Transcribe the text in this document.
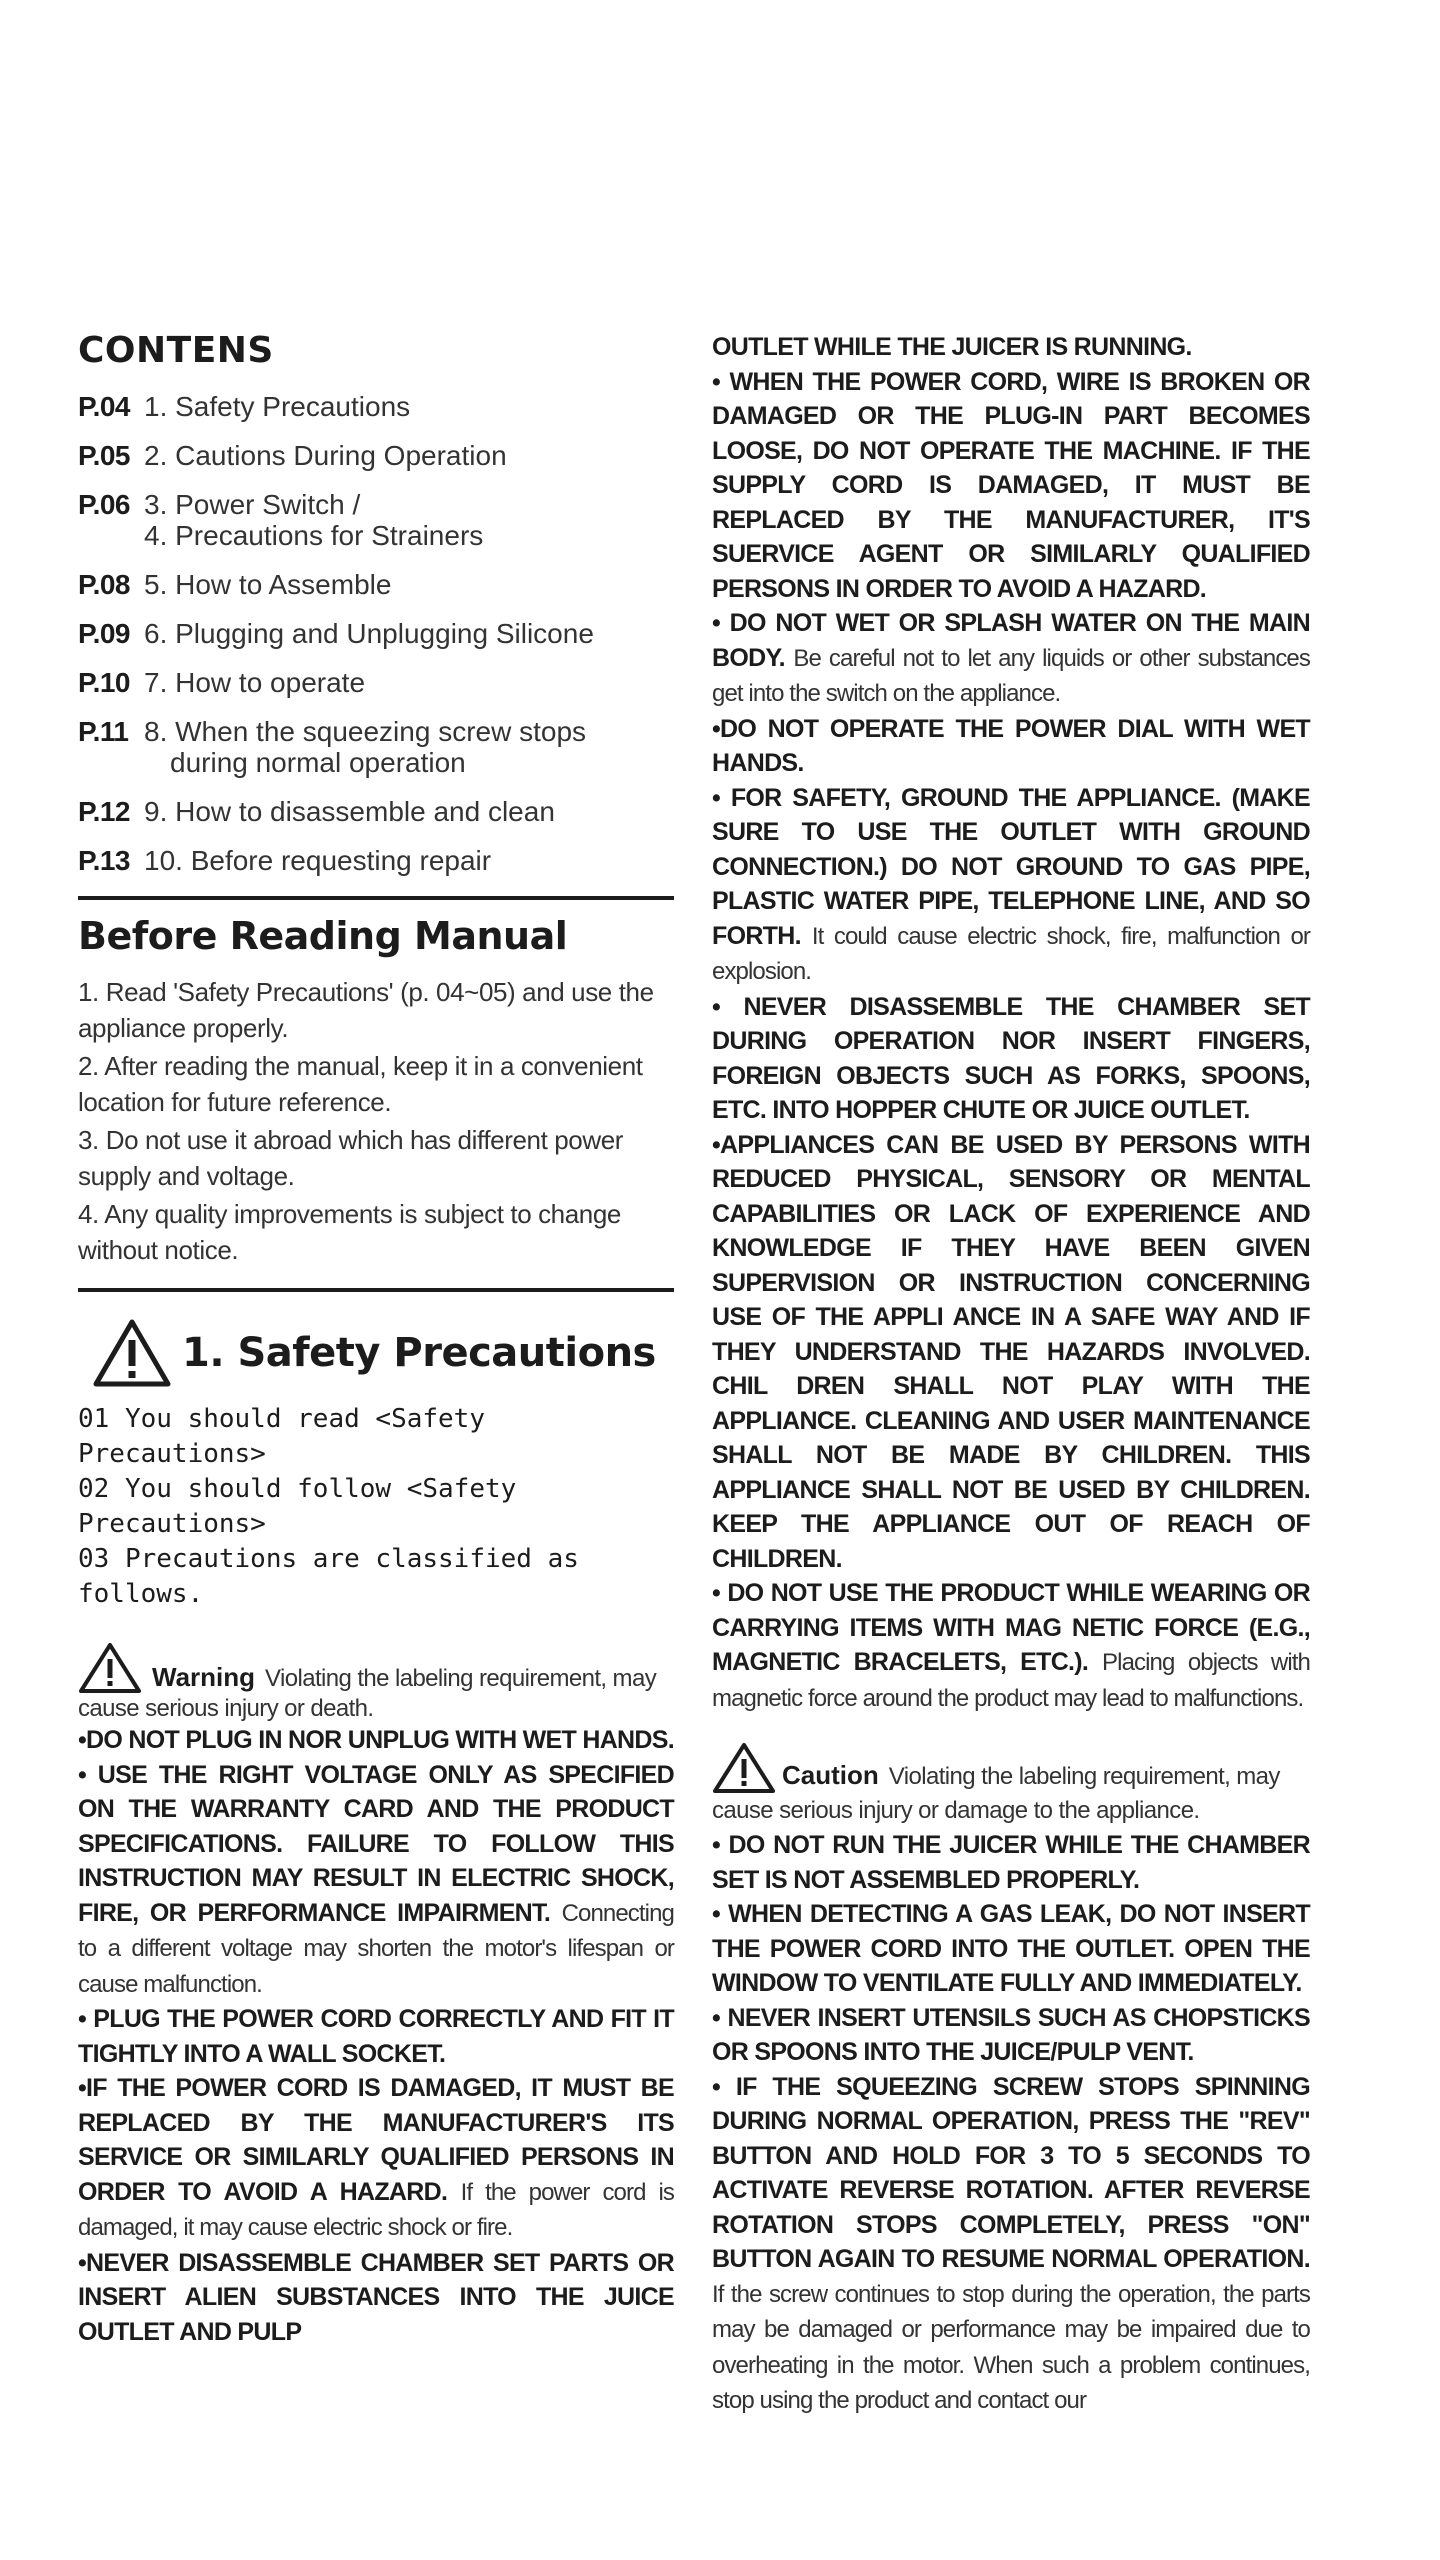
CONTENS
P.04 1. Safety Precautions
P.05 2. Cautions During Operation
P.06 3. Power Switch /
4. Precautions for Strainers
P.08 5. How to Assemble
P.09 6. Plugging and Unplugging Silicone
P.10 7. How to operate
P.11 8. When the squeezing screw stops
during normal operation
P.12 9. How to disassemble and clean
P.13 10. Before requesting repair
Before Reading Manual

1. Read 'Safety Precautions' (p. 04~05) and use the appliance properly.

2. After reading the manual, keep it in a convenient location for future reference.

3. Do not use it abroad which has different power supply and voltage.

4. Any quality improvements is subject to change without notice.

1. Safety Precautions

01 You should read <Safety Precautions>

02 You should follow <Safety Precautions>

03 Precautions are classified as follows.

Warning Violating the labeling requirement, may cause serious injury or death.

•DO NOT PLUG IN NOR UNPLUG WITH WET HANDS.

• USE THE RIGHT VOLTAGE ONLY AS SPECIFIED ON THE WARRANTY CARD AND THE PRODUCT SPECIFICATIONS. FAILURE TO FOLLOW THIS INSTRUCTION MAY RESULT IN ELECTRIC SHOCK, FIRE, OR PERFORMANCE IMPAIRMENT. Connecting to a different voltage may shorten the motor's lifespan or cause malfunction.

• PLUG THE POWER CORD CORRECTLY AND FIT IT TIGHTLY INTO A WALL SOCKET.

•IF THE POWER CORD IS DAMAGED, IT MUST BE REPLACED BY THE MANUFACTURER'S ITS SERVICE OR SIMILARLY QUALIFIED PERSONS IN ORDER TO AVOID A HAZARD. If the power cord is damaged, it may cause electric shock or fire.

•NEVER DISASSEMBLE CHAMBER SET PARTS OR INSERT ALIEN SUBSTANCES INTO THE JUICE OUTLET AND PULP

OUTLET WHILE THE JUICER IS RUNNING.

• WHEN THE POWER CORD, WIRE IS BROKEN OR DAMAGED OR THE PLUG-IN PART BECOMES LOOSE, DO NOT OPERATE THE MACHINE. IF THE SUPPLY CORD IS DAMAGED, IT MUST BE REPLACED BY THE MANUFACTURER, IT'S SUERVICE AGENT OR SIMILARLY QUALIFIED PERSONS IN ORDER TO AVOID A HAZARD.

• DO NOT WET OR SPLASH WATER ON THE MAIN BODY. Be careful not to let any liquids or other substances get into the switch on the appliance.

•DO NOT OPERATE THE POWER DIAL WITH WET HANDS.

• FOR SAFETY, GROUND THE APPLIANCE. (MAKE SURE TO USE THE OUTLET WITH GROUND CONNECTION.) DO NOT GROUND TO GAS PIPE, PLASTIC WATER PIPE, TELEPHONE LINE, AND SO FORTH. It could cause electric shock, fire, malfunction or explosion.

• NEVER DISASSEMBLE THE CHAMBER SET DURING OPERATION NOR INSERT FINGERS, FOREIGN OBJECTS SUCH AS FORKS, SPOONS, ETC. INTO HOPPER CHUTE OR JUICE OUTLET.

•APPLIANCES CAN BE USED BY PERSONS WITH REDUCED PHYSICAL, SENSORY OR MENTAL CAPABILITIES OR LACK OF EXPERIENCE AND KNOWLEDGE IF THEY HAVE BEEN GIVEN SUPERVISION OR INSTRUCTION CONCERNING USE OF THE APPLI ANCE IN A SAFE WAY AND IF THEY UNDERSTAND THE HAZARDS INVOLVED. CHIL DREN SHALL NOT PLAY WITH THE APPLIANCE. CLEANING AND USER MAINTENANCE SHALL NOT BE MADE BY CHILDREN. THIS APPLIANCE SHALL NOT BE USED BY CHILDREN. KEEP THE APPLIANCE OUT OF REACH OF CHILDREN.

• DO NOT USE THE PRODUCT WHILE WEARING OR CARRYING ITEMS WITH MAG NETIC FORCE (E.G., MAGNETIC BRACELETS, ETC.). Placing objects with magnetic force around the product may lead to malfunctions.

Caution Violating the labeling requirement, may cause serious injury or damage to the appliance.

• DO NOT RUN THE JUICER WHILE THE CHAMBER SET IS NOT ASSEMBLED PROPERLY.

• WHEN DETECTING A GAS LEAK, DO NOT INSERT THE POWER CORD INTO THE OUTLET. OPEN THE WINDOW TO VENTILATE FULLY AND IMMEDIATELY.

• NEVER INSERT UTENSILS SUCH AS CHOPSTICKS OR SPOONS INTO THE JUICE/PULP VENT.

• IF THE SQUEEZING SCREW STOPS SPINNING DURING NORMAL OPERATION, PRESS THE "REV" BUTTON AND HOLD FOR 3 TO 5 SECONDS TO ACTIVATE REVERSE ROTATION. AFTER REVERSE ROTATION STOPS COMPLETELY, PRESS "ON" BUTTON AGAIN TO RESUME NORMAL OPERATION. If the screw continues to stop during the operation, the parts may be damaged or performance may be impaired due to overheating in the motor. When such a problem continues, stop using the product and contact our
